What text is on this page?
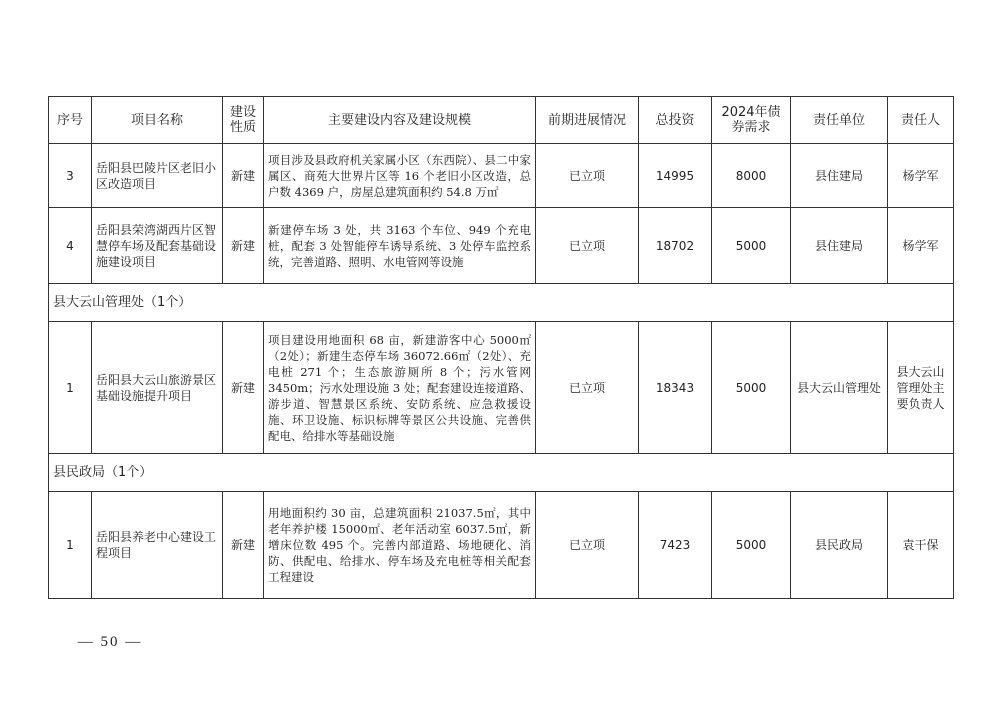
序号	项目名称	建设性质	主要建设内容及建设规模	前期进展情况	总投资	2024年债券需求	责任单位	责任人
3	岳阳县巴陵片区老旧小区改造项目	新建	项目涉及县政府机关家属小区（东西院）、县二中家属区、商苑大世界片区等 16 个老旧小区改造，总户数 4369 户，房屋总建筑面积约 54.8 万㎡	已立项	14995	8000	县住建局	杨学军
4	岳阳县荣湾湖西片区智慧停车场及配套基础设施建设项目	新建	新建停车场 3 处，共 3163 个车位、949 个充电桩，配套 3 处智能停车诱导系统、3 处停车监控系统，完善道路、照明、水电管网等设施	已立项	18702	5000	县住建局	杨学军
县大云山管理处（1个）								
1	岳阳县大云山旅游景区基础设施提升项目	新建	项目建设用地面积 68 亩，新建游客中心 5000㎡（2处）；新建生态停车场 36072.66㎡（2处）、充电桩 271 个；生态旅游厕所 8 个；污水管网 3450m；污水处理设施 3 处；配套建设连接道路、游步道、智慧景区系统、安防系统、应急救援设施、环卫设施、标识标牌等景区公共设施、完善供配电、给排水等基础设施	已立项	18343	5000	县大云山管理处	县大云山管理处主要负责人
县民政局（1个）								
1	岳阳县养老中心建设工程项目	新建	用地面积约 30 亩，总建筑面积 21037.5㎡，其中老年养护楼 15000㎡、老年活动室 6037.5㎡，新增床位数 495 个。完善内部道路、场地硬化、消防、供配电、给排水、停车场及充电桩等相关配套工程建设	已立项	7423	5000	县民政局	袁干保
— 50 —
